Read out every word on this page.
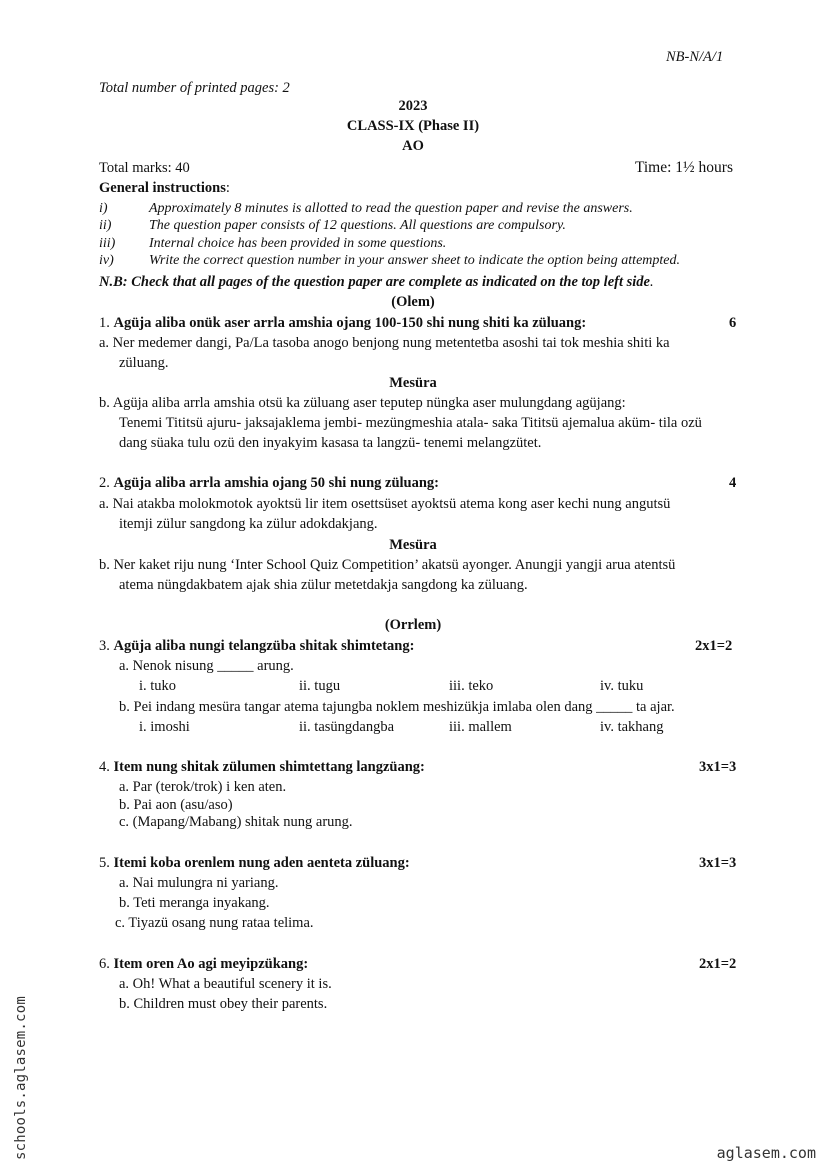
NB-N/A/1
Total number of printed pages: 2
2023
CLASS-IX (Phase II)
AO
Total marks: 40	Time: 1½ hours
General instructions:
i)	Approximately 8 minutes is allotted to read the question paper and revise the answers.
ii)	The question paper consists of 12 questions. All questions are compulsory.
iii) Internal choice has been provided in some questions.
iv)	Write the correct question number in your answer sheet to indicate the option being attempted.
N.B: Check that all pages of the question paper are complete as indicated on the top left side.
(Olem)
1. Agüja aliba onük aser arrla amshia ojang 100-150 shi nung shiti ka züluang:	6
a. Ner medemer dangi, Pa/La tasoba anogo benjong nung metentetba asoshi tai tok meshia shiti ka
züluang.
Mesüra
b. Agüja aliba arrla amshia otsü ka züluang aser teputep nüngka aser mulungdang agüjang:
Tenemi Tititsü ajuru- jaksajaklema jembi- mezüngmeshia atala- saka Tititsü ajemalua aküm- tila ozü
dang süaka tulu ozü den inyakyim kasasa ta langzü- tenemi melangzütet.
2. Agüja aliba arrla amshia ojang 50 shi nung züluang:	4
a. Nai atakba molokmotok ayoktsü lir item osettsüset ayoktsü atema kong aser kechi nung angutsü
itemji zülur sangdong ka zülur adokdakjang.
Mesüra
b. Ner kaket riju nung ‘Inter School Quiz Competition’ akatsü ayonger. Anungji yangji arua atentsü
atema nüngdakbatem ajak shia zülur metetdakja sangdong ka züluang.
(Orrlem)
3. Agüja aliba nungi telangzüba shitak shimtetang:	2x1=2
a. Nenok nisung _____ arung.
i. tuko	ii. tugu	iii. teko	iv. tuku
b. Pei indang mesüra tangar atema tajungba noklem meshizükja imlaba olen dang _____ ta ajar.
i. imoshi	ii. tasüngdangba	iii. mallem	iv. takhang
4. Item nung shitak zülumen shimtettang langzüang:	3x1=3
a. Par (terok/trok) i ken aten.
b. Pai aon (asu/aso)
c. (Mapang/Mabang) shitak nung arung.
5. Itemi koba orenlem nung aden aenteta züluang:	3x1=3
a. Nai mulungra ni yariang.
b. Teti meranga inyakang.
c. Tiyazü osang nung rataa telima.
6. Item oren Ao agi meyipzükang:	2x1=2
a. Oh! What a beautiful scenery it is.
b. Children must obey their parents.
schools.aglasem.com	aglasem.com
